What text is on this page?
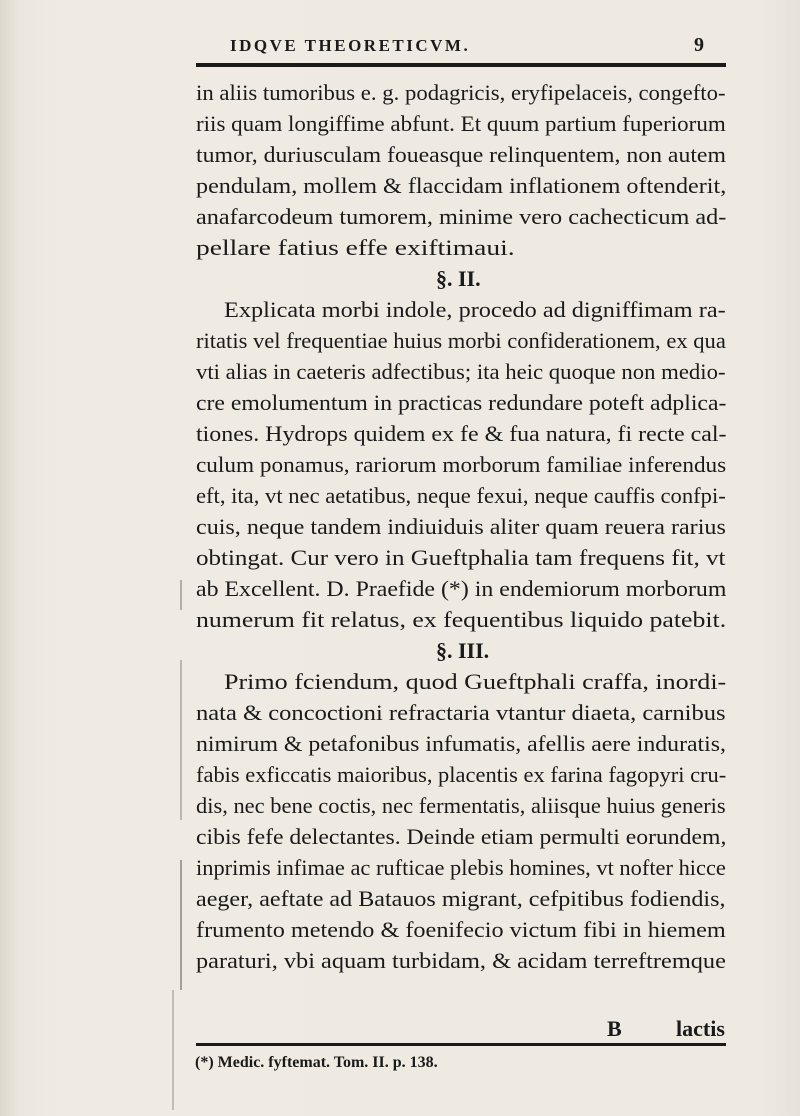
IDQVE THEORETICVM.	9
in aliis tumoribus e. g. podagricis, eryfipelaceis, congefto-
riis quam longiffime abfunt. Et quum partium fuperiorum
tumor, duriusculam foueasque relinquentem, non autem
pendulam, mollem & flaccidam inflationem oftenderit,
anafarcodeum tumorem, minime vero cachecticum ad-
pellare fatius effe exiftimaui.
§. II.
Explicata morbi indole, procedo ad digniffimam ra-
ritatis vel frequentiae huius morbi confiderationem, ex qua
vti alias in caeteris adfectibus; ita heic quoque non medio-
cre emolumentum in practicas redundare poteft adplica-
tiones. Hydrops quidem ex fe & fua natura, fi recte cal-
culum ponamus, rariorum morborum familiae inferendus
eft, ita, vt nec aetatibus, neque fexui, neque cauffis confpi-
cuis, neque tandem indiuiduis aliter quam reuera rarius
obtingat. Cur vero in Gueftphalia tam frequens fit, vt
ab Excellent. D. Praefide (*) in endemiorum morborum
numerum fit relatus, ex fequentibus liquido patebit.
§. III.
Primo fciendum, quod Gueftphali craffa, inordi-
nata & concoctioni refractaria vtantur diaeta, carnibus
nimirum & petafonibus infumatis, afellis aere induratis,
fabis exficcatis maioribus, placentis ex farina fagopyri cru-
dis, nec bene coctis, nec fermentatis, aliisque huius generis
cibis fefe delectantes. Deinde etiam permulti eorundem,
inprimis infimae ac rufticae plebis homines, vt nofter hicce
aeger, aeftate ad Batauos migrant, cefpitibus fodiendis,
frumento metendo & foenifecio victum fibi in hiemem
paraturi, vbi aquam turbidam, & acidam terreftremque
B lactis
(*) Medic. fyftemat. Tom. II. p. 138.
